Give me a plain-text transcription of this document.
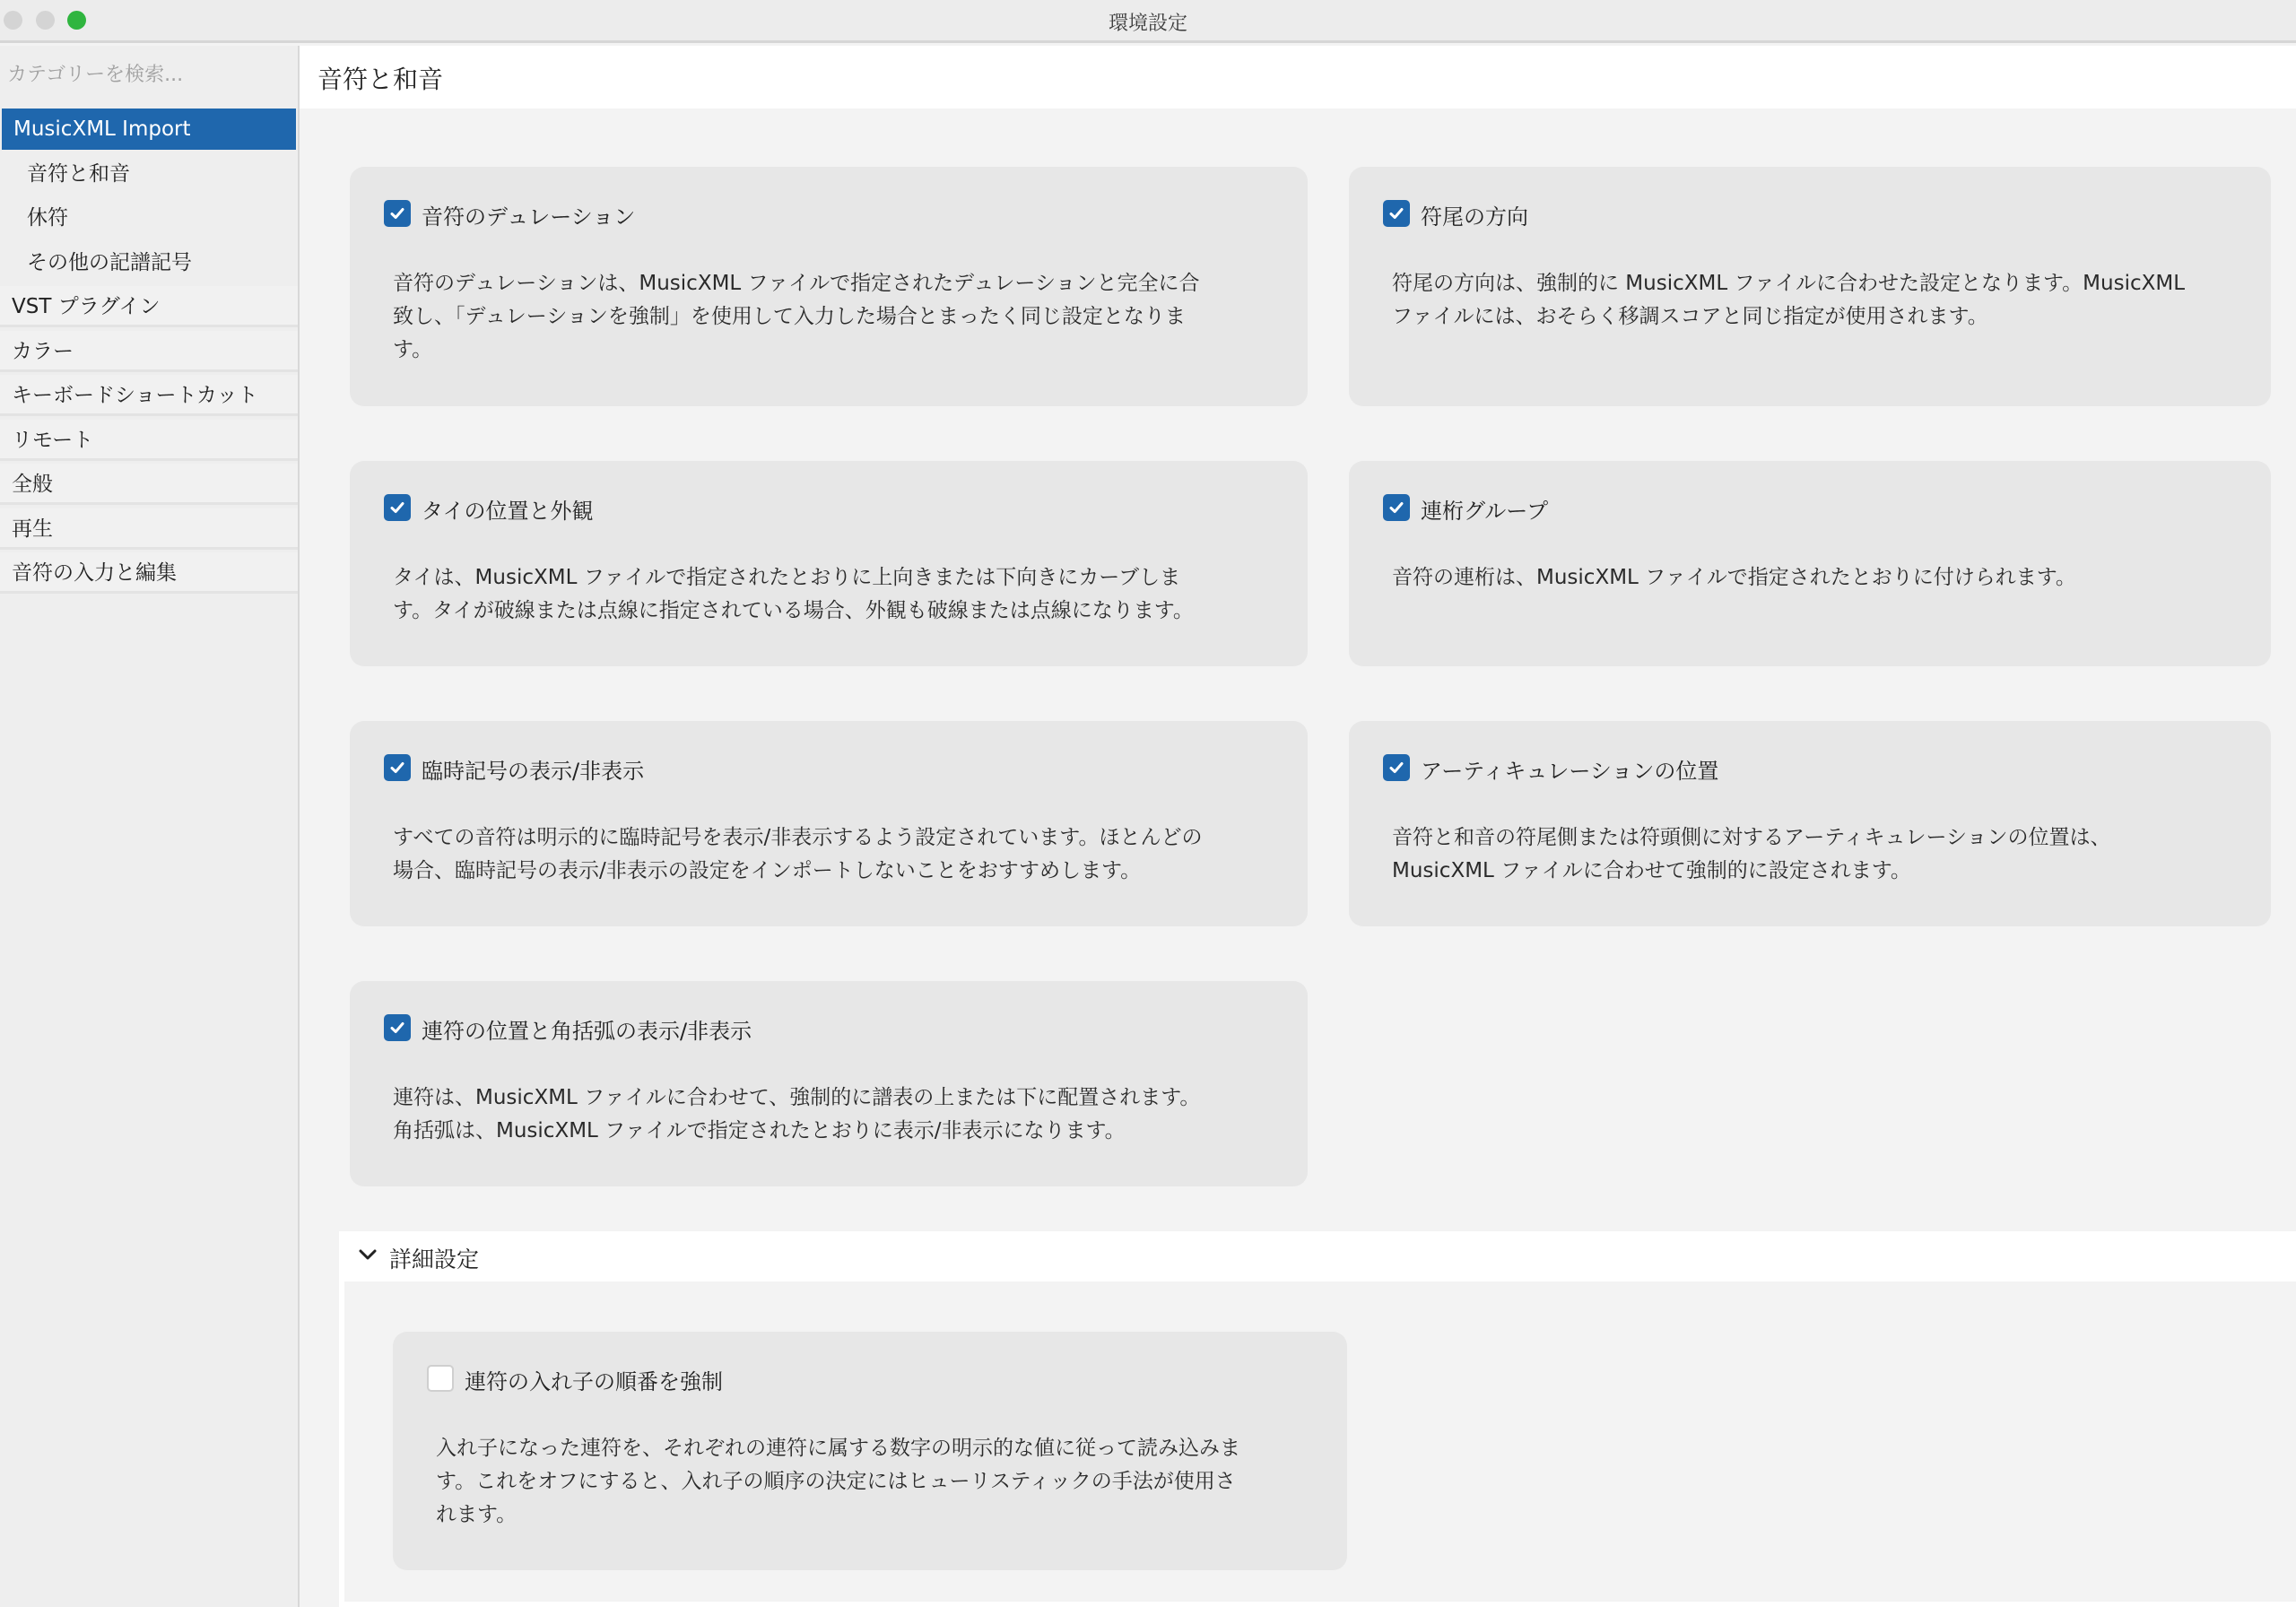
環境設定
カテゴリーを検索...
MusicXML Import
音符と和音
休符
その他の記譜記号
VST プラグイン
カラー
キーボードショートカット
リモート
全般
再生
音符の入力と編集
音符と和音
音符のデュレーション
音符のデュレーションは、MusicXML ファイルで指定されたデュレーションと完全に合
致し、「デュレーションを強制」を使用して入力した場合とまったく同じ設定となりま
す。
符尾の方向
符尾の方向は、強制的に MusicXML ファイルに合わせた設定となります。MusicXML
ファイルには、おそらく移調スコアと同じ指定が使用されます。
タイの位置と外観
タイは、MusicXML ファイルで指定されたとおりに上向きまたは下向きにカーブしま
す。タイが破線または点線に指定されている場合、外観も破線または点線になります。
連桁グループ
音符の連桁は、MusicXML ファイルで指定されたとおりに付けられます。
臨時記号の表示/非表示
すべての音符は明示的に臨時記号を表示/非表示するよう設定されています。ほとんどの
場合、臨時記号の表示/非表示の設定をインポートしないことをおすすめします。
アーティキュレーションの位置
音符と和音の符尾側または符頭側に対するアーティキュレーションの位置は、
MusicXML ファイルに合わせて強制的に設定されます。
連符の位置と角括弧の表示/非表示
連符は、MusicXML ファイルに合わせて、強制的に譜表の上または下に配置されます。
角括弧は、MusicXML ファイルで指定されたとおりに表示/非表示になります。
詳細設定
連符の入れ子の順番を強制
入れ子になった連符を、それぞれの連符に属する数字の明示的な値に従って読み込みま
す。これをオフにすると、入れ子の順序の決定にはヒューリスティックの手法が使用さ
れます。
